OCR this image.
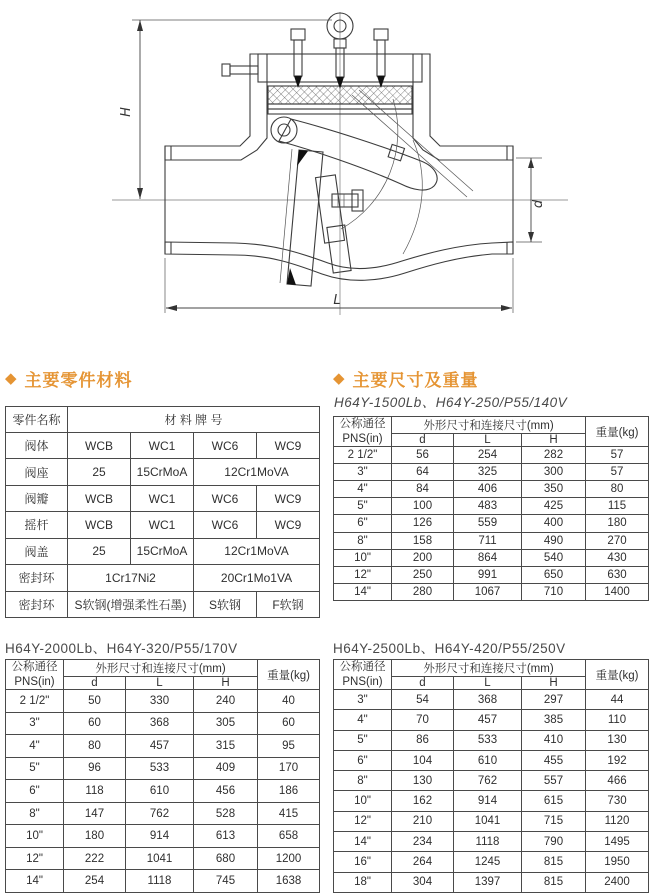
H
d
L
◆ 主要零件材料
零件名称	材 料 牌 号			
阀体	WCB	WC1	WC6	WC9
阀座	25	15CrMoA	12Cr1MoVA	
阀瓣	WCB	WC1	WC6	WC9
摇杆	WCB	WC1	WC6	WC9
阀盖	25	15CrMoA	12Cr1MoVA	
密封环	1Cr17Ni2		20Cr1Mo1VA	
密封环	S软钢(增强柔性石墨)		S软钢	F软钢
◆ 主要尺寸及重量
H64Y-1500Lb、H64Y-250/P55/140V
公称通径
PNS(in)	外形尺寸和连接尺寸(mm)			重量(kg)
	d	L	H	
2 1/2"	56	254	282	57
3"	64	325	300	57
4"	84	406	350	80
5"	100	483	425	115
6"	126	559	400	180
8"	158	711	490	270
10"	200	864	540	430
12"	250	991	650	630
14"	280	1067	710	1400
H64Y-2000Lb、H64Y-320/P55/170V
公称通径
PNS(in)	外形尺寸和连接尺寸(mm)			重量(kg)
	d	L	H	
2 1/2"	50	330	240	40
3"	60	368	305	60
4"	80	457	315	95
5"	96	533	409	170
6"	118	610	456	186
8"	147	762	528	415
10"	180	914	613	658
12"	222	1041	680	1200
14"	254	1118	745	1638
H64Y-2500Lb、H64Y-420/P55/250V
公称通径
PNS(in)	外形尺寸和连接尺寸(mm)			重量(kg)
	d	L	H	
3"	54	368	297	44
4"	70	457	385	110
5"	86	533	410	130
6"	104	610	455	192
8"	130	762	557	466
10"	162	914	615	730
12"	210	1041	715	1120
14"	234	1118	790	1495
16"	264	1245	815	1950
18"	304	1397	815	2400
